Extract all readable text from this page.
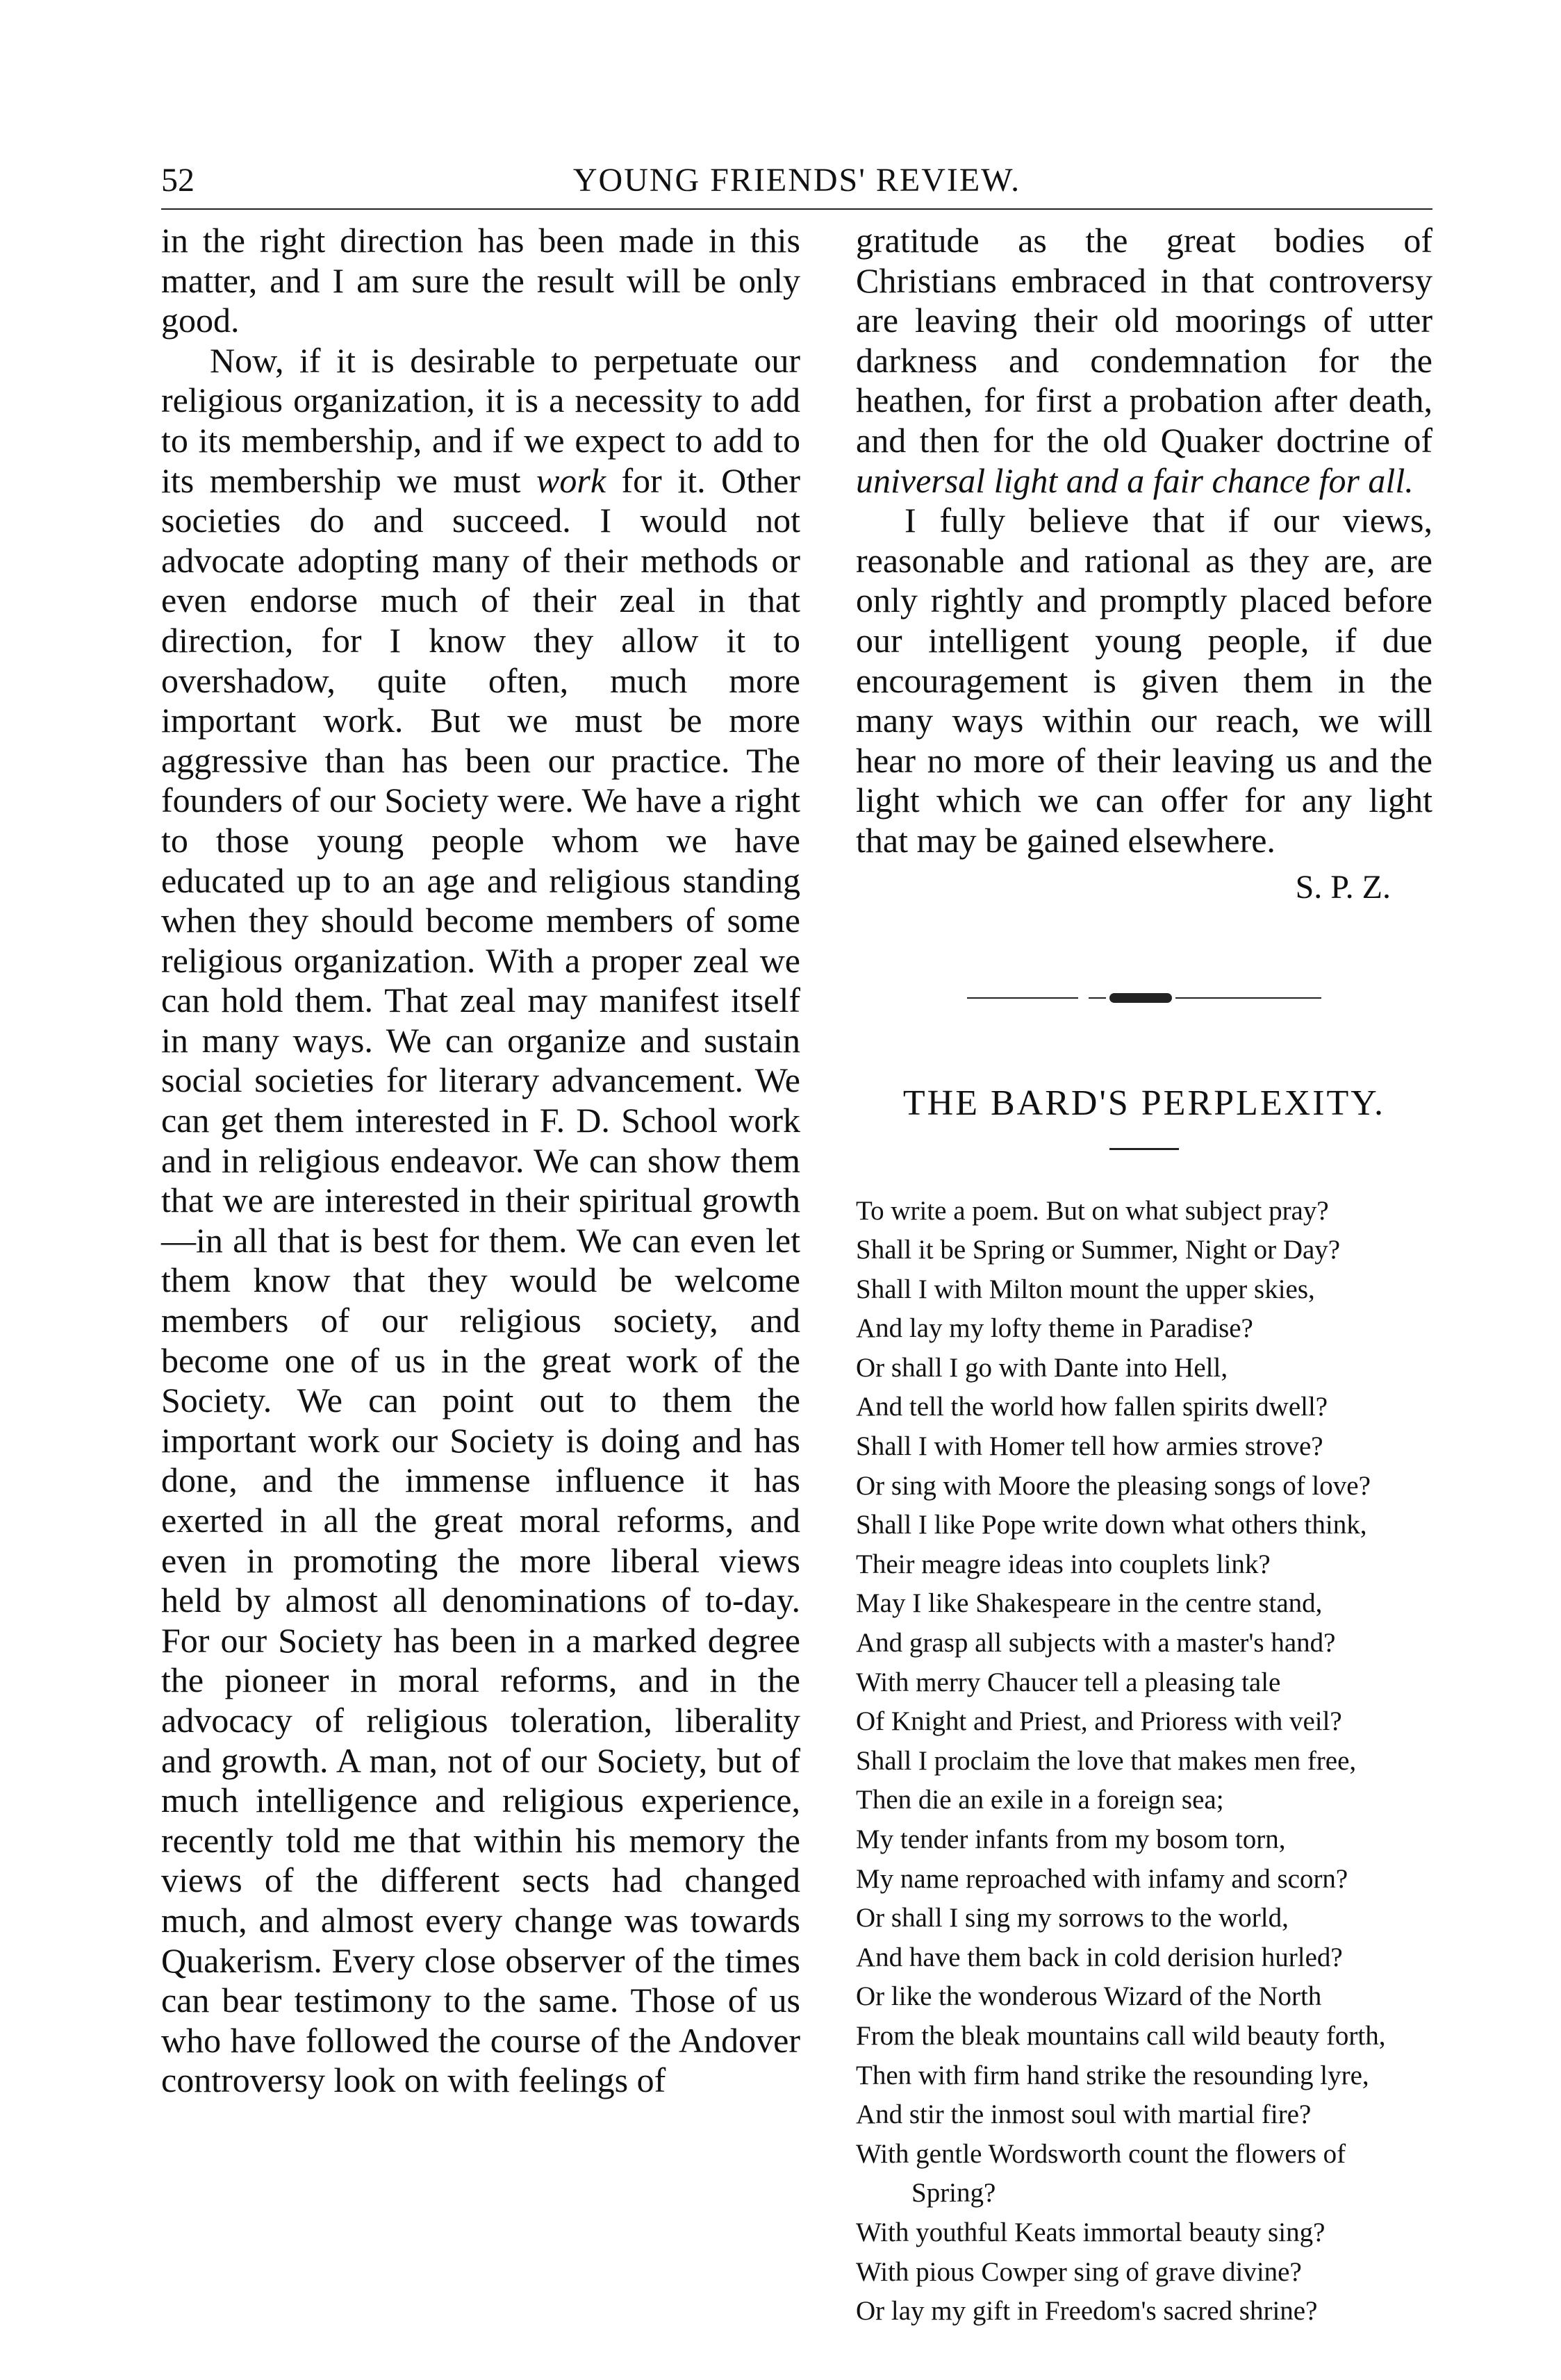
52	YOUNG FRIENDS' REVIEW.

in the right direction has been made in this matter, and I am sure the result will be only good.

Now, if it is desirable to perpetuate our religious organization, it is a necessity to add to its membership, and if we expect to add to its membership we must work for it. Other societies do and succeed. I would not advocate adopting many of their methods or even endorse much of their zeal in that direction, for I know they allow it to overshadow, quite often, much more important work. But we must be more aggressive than has been our practice. The founders of our Society were. We have a right to those young people whom we have educated up to an age and religious standing when they should become members of some religious organization. With a proper zeal we can hold them. That zeal may manifest itself in many ways. We can organize and sustain social societies for literary advancement. We can get them interested in F. D. School work and in religious endeavor. We can show them that we are interested in their spiritual growth—in all that is best for them. We can even let them know that they would be welcome members of our religious society, and become one of us in the great work of the Society. We can point out to them the important work our Society is doing and has done, and the immense influence it has exerted in all the great moral reforms, and even in promoting the more liberal views held by almost all denominations of to-day. For our Society has been in a marked degree the pioneer in moral reforms, and in the advocacy of religious toleration, liberality and growth. A man, not of our Society, but of much intelligence and religious experience, recently told me that within his memory the views of the different sects had changed much, and almost every change was towards Quakerism. Every close observer of the times can bear testimony to the same. Those of us who have followed the course of the Andover controversy look on with feelings of

gratitude as the great bodies of Christians embraced in that controversy are leaving their old moorings of utter darkness and condemnation for the heathen, for first a probation after death, and then for the old Quaker doctrine of universal light and a fair chance for all.

I fully believe that if our views, reasonable and rational as they are, are only rightly and promptly placed before our intelligent young people, if due encouragement is given them in the many ways within our reach, we will hear no more of their leaving us and the light which we can offer for any light that may be gained elsewhere.

S. P. Z.
THE BARD'S PERPLEXITY.
To write a poem. But on what subject pray?
Shall it be Spring or Summer, Night or Day?
Shall I with Milton mount the upper skies,
And lay my lofty theme in Paradise?
Or shall I go with Dante into Hell,
And tell the world how fallen spirits dwell?
Shall I with Homer tell how armies strove?
Or sing with Moore the pleasing songs of love?
Shall I like Pope write down what others think,
Their meagre ideas into couplets link?
May I like Shakespeare in the centre stand,
And grasp all subjects with a master's hand?
With merry Chaucer tell a pleasing tale
Of Knight and Priest, and Prioress with veil?
Shall I proclaim the love that makes men free,
Then die an exile in a foreign sea;
My tender infants from my bosom torn,
My name reproached with infamy and scorn?
Or shall I sing my sorrows to the world,
And have them back in cold derision hurled?
Or like the wonderous Wizard of the North
From the bleak mountains call wild beauty forth,
Then with firm hand strike the resounding lyre,
And stir the inmost soul with martial fire?
With gentle Wordsworth count the flowers of
Spring?
With youthful Keats immortal beauty sing?
With pious Cowper sing of grave divine?
Or lay my gift in Freedom's sacred shrine?
